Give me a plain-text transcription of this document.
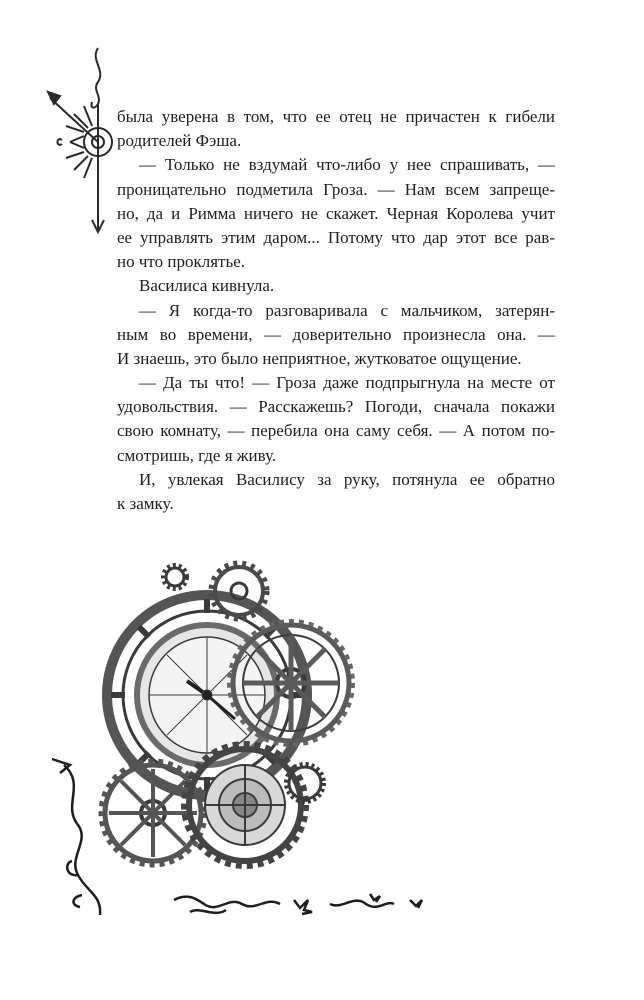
была уверена в том, что ее отец не причастен к гибели
родителей Фэша.
— Только не вздумай что-либо у нее спрашивать, —
проницательно подметила Гроза. — Нам всем запреще-
но, да и Римма ничего не скажет. Черная Королева учит
ее управлять этим даром... Потому что дар этот все рав-
но что проклятье.
Василиса кивнула.
— Я когда-то разговаривала с мальчиком, затерян-
ным во времени, — доверительно произнесла она. —
И знаешь, это было неприятное, жутковатое ощущение.
— Да ты что! — Гроза даже подпрыгнула на месте от
удовольствия. — Расскажешь? Погоди, сначала покажи
свою комнату, — перебила она саму себя. — А потом по-
смотришь, где я живу.
И, увлекая Василису за руку, потянула ее обратно
к замку.
